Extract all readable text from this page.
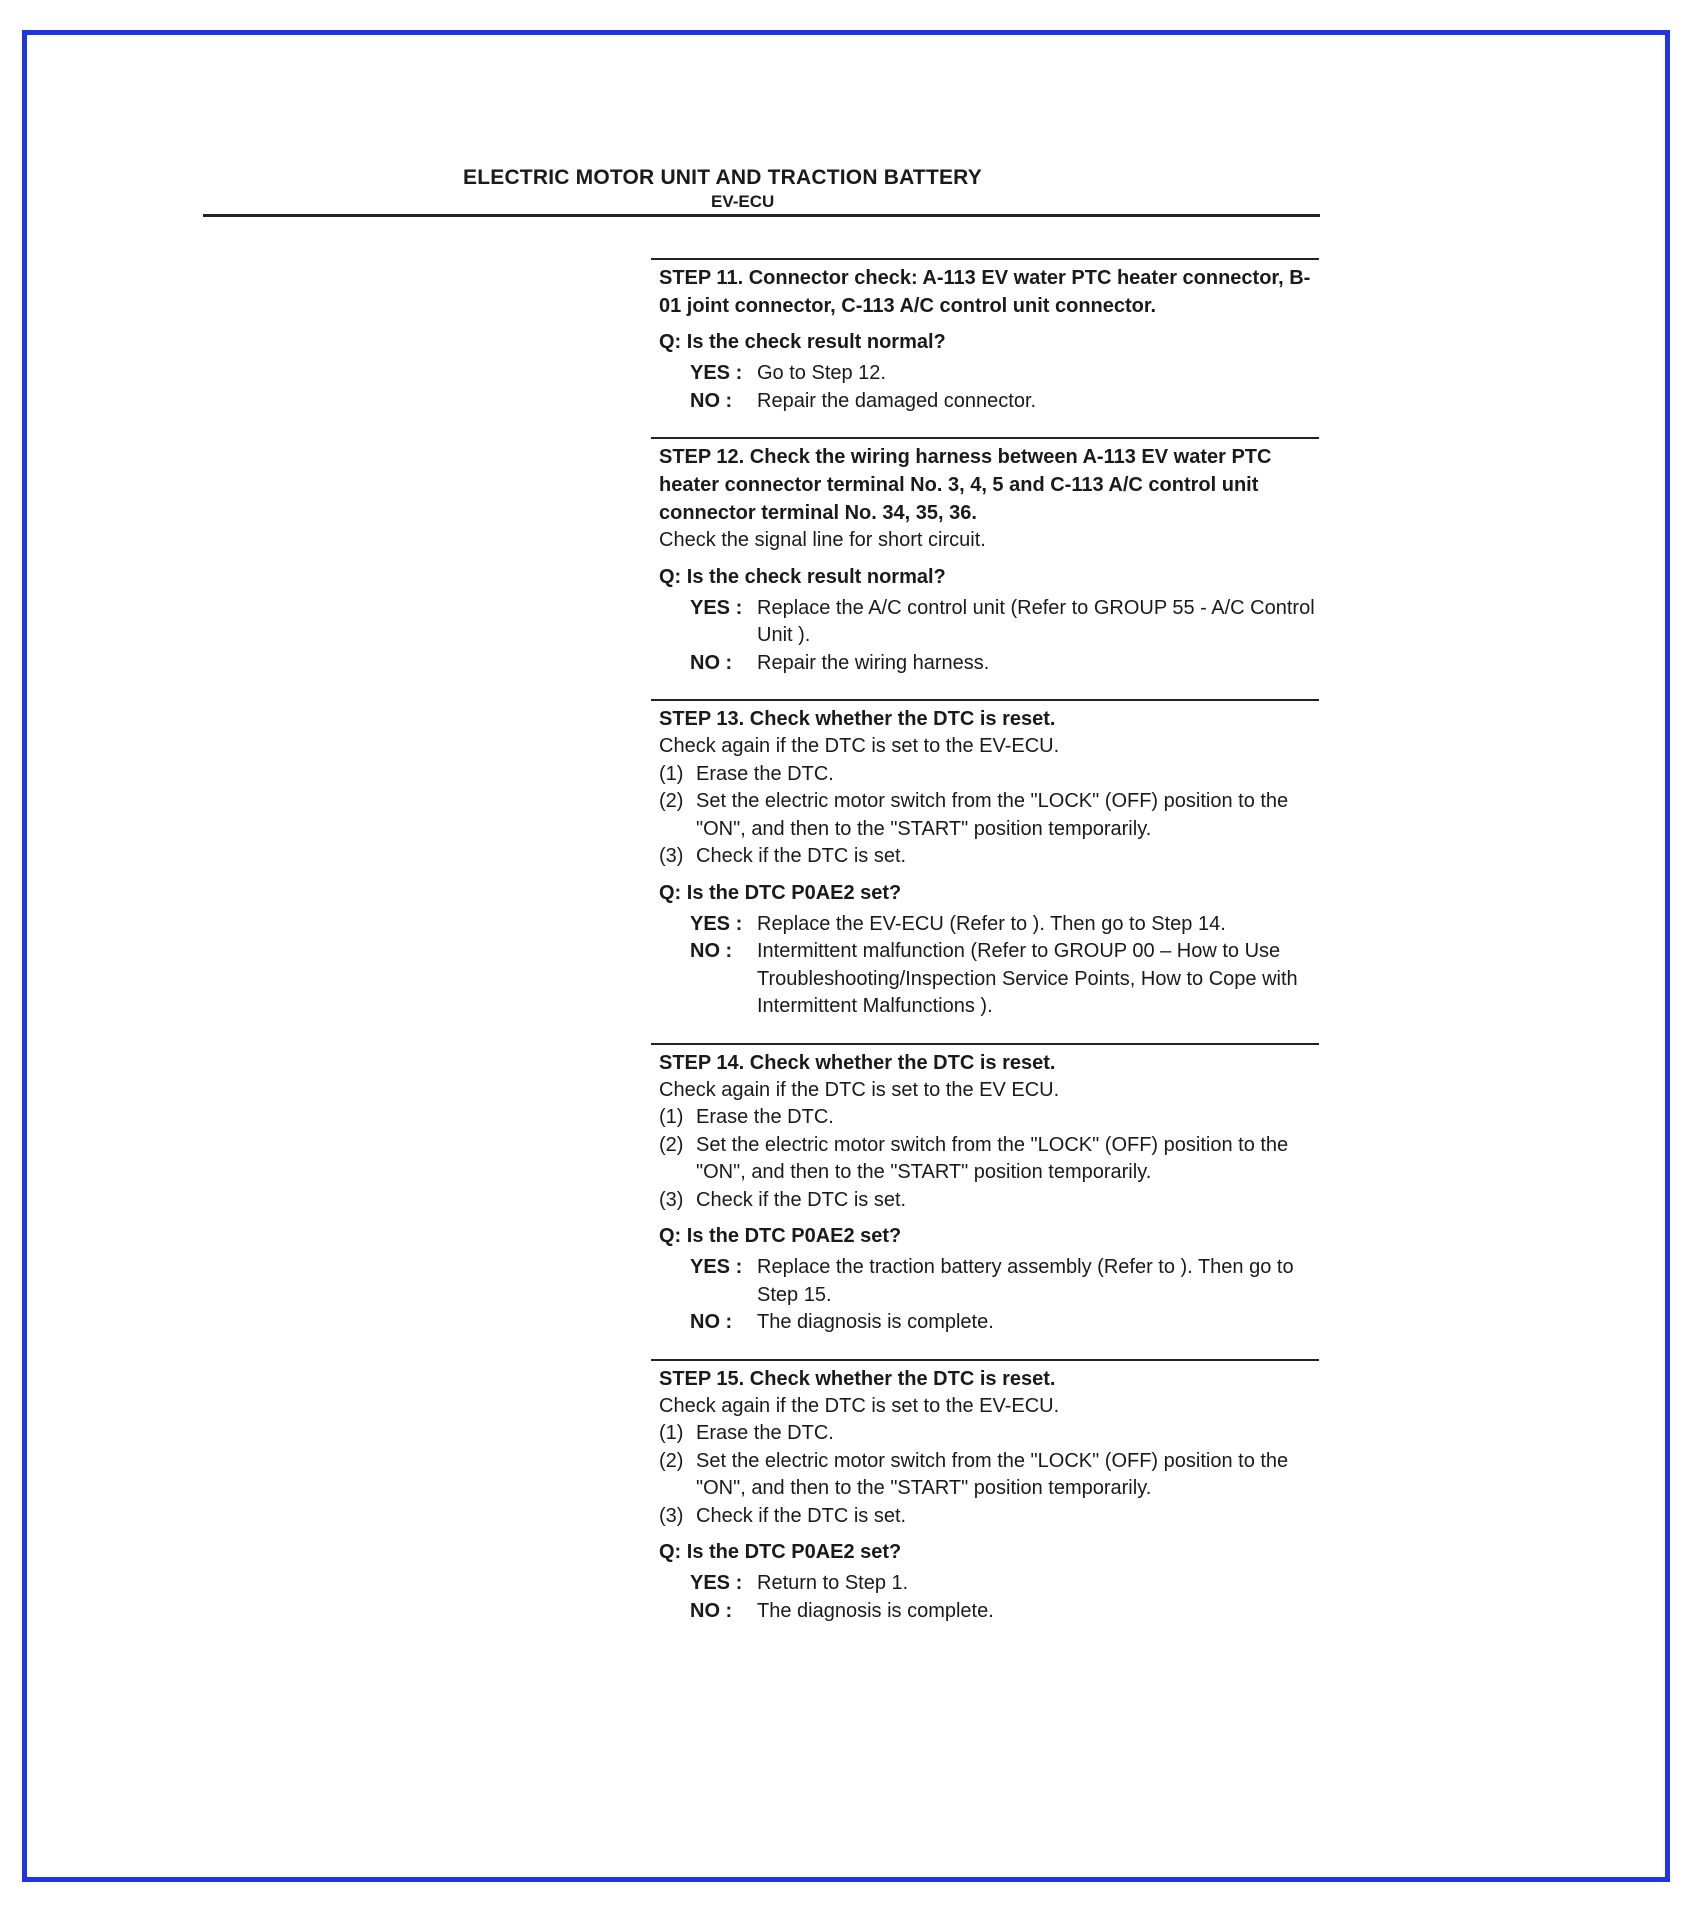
ELECTRIC MOTOR UNIT AND TRACTION BATTERY
EV-ECU
STEP 11. Connector check: A-113 EV water PTC heater connector, B-01 joint connector, C-113 A/C control unit connector.
Q: Is the check result normal?
YES : Go to Step 12.
NO :	Repair the damaged connector.
STEP 12. Check the wiring harness between A-113 EV water PTC heater connector terminal No. 3, 4, 5 and C-113 A/C control unit connector terminal No. 34, 35, 36.
Check the signal line for short circuit.
Q: Is the check result normal?
YES : Replace the A/C control unit (Refer to GROUP 55 - A/C Control Unit ).
NO :	Repair the wiring harness.
STEP 13. Check whether the DTC is reset.
Check again if the DTC is set to the EV-ECU.
(1) Erase the DTC.
(2) Set the electric motor switch from the "LOCK" (OFF) position to the "ON", and then to the "START" position temporarily.
(3) Check if the DTC is set.
Q: Is the DTC P0AE2 set?
YES : Replace the EV-ECU (Refer to ). Then go to Step 14.
NO :	Intermittent malfunction (Refer to GROUP 00 – How to Use Troubleshooting/Inspection Service Points, How to Cope with Intermittent Malfunctions ).
STEP 14. Check whether the DTC is reset.
Check again if the DTC is set to the EV ECU.
(1) Erase the DTC.
(2) Set the electric motor switch from the "LOCK" (OFF) position to the "ON", and then to the "START" position temporarily.
(3) Check if the DTC is set.
Q: Is the DTC P0AE2 set?
YES : Replace the traction battery assembly (Refer to ). Then go to Step 15.
NO :	The diagnosis is complete.
STEP 15. Check whether the DTC is reset.
Check again if the DTC is set to the EV-ECU.
(1) Erase the DTC.
(2) Set the electric motor switch from the "LOCK" (OFF) position to the "ON", and then to the "START" position temporarily.
(3) Check if the DTC is set.
Q: Is the DTC P0AE2 set?
YES : Return to Step 1.
NO :	The diagnosis is complete.
